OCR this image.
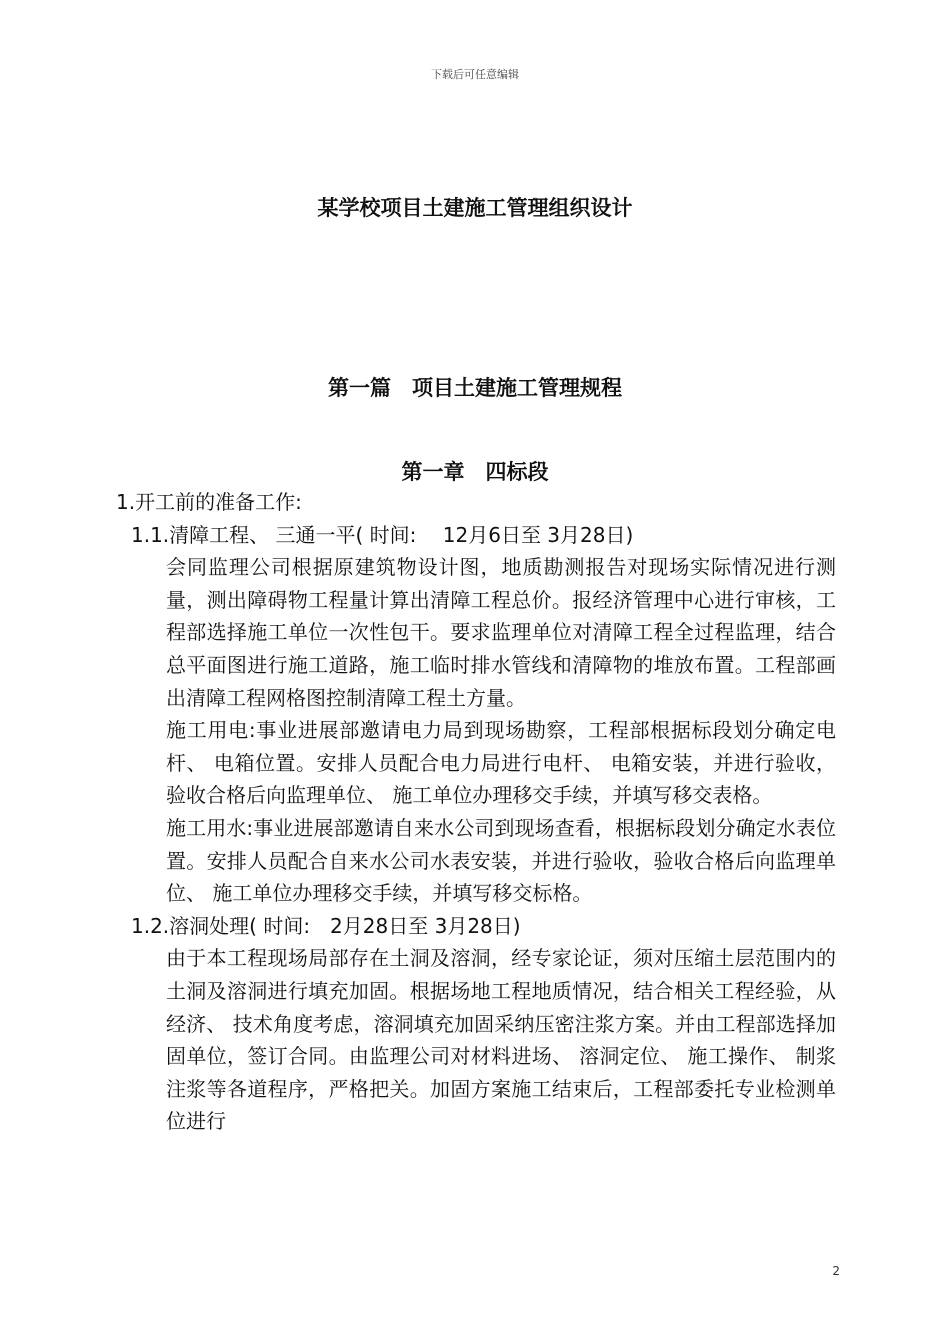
下载后可任意编辑
某学校项目土建施工管理组织设计
第一篇　项目土建施工管理规程
第一章　四标段
1.开工前的准备工作:
1.1.清障工程、 三通一平( 时间:　 12月6日至 3月28日)
会同监理公司根据原建筑物设计图，地质勘测报告对现场实际情况进行测量，测出障碍物工程量计算出清障工程总价。报经济管理中心进行审核，工程部选择施工单位一次性包干。要求监理单位对清障工程全过程监理，结合总平面图进行施工道路，施工临时排水管线和清障物的堆放布置。工程部画出清障工程网格图控制清障工程土方量。
施工用电:事业进展部邀请电力局到现场勘察，工程部根据标段划分确定电杆、 电箱位置。安排人员配合电力局进行电杆、 电箱安装，并进行验收，验收合格后向监理单位、 施工单位办理移交手续，并填写移交表格。
施工用水:事业进展部邀请自来水公司到现场查看，根据标段划分确定水表位置。安排人员配合自来水公司水表安装，并进行验收，验收合格后向监理单位、 施工单位办理移交手续，并填写移交标格。
1.2.溶洞处理( 时间:　2月28日至 3月28日)
由于本工程现场局部存在土洞及溶洞，经专家论证，须对压缩土层范围内的土洞及溶洞进行填充加固。根据场地工程地质情况，结合相关工程经验，从经济、 技术角度考虑，溶洞填充加固采纳压密注浆方案。并由工程部选择加固单位，签订合同。由监理公司对材料进场、 溶洞定位、 施工操作、 制浆注浆等各道程序，严格把关。加固方案施工结束后，工程部委托专业检测单位进行
2
